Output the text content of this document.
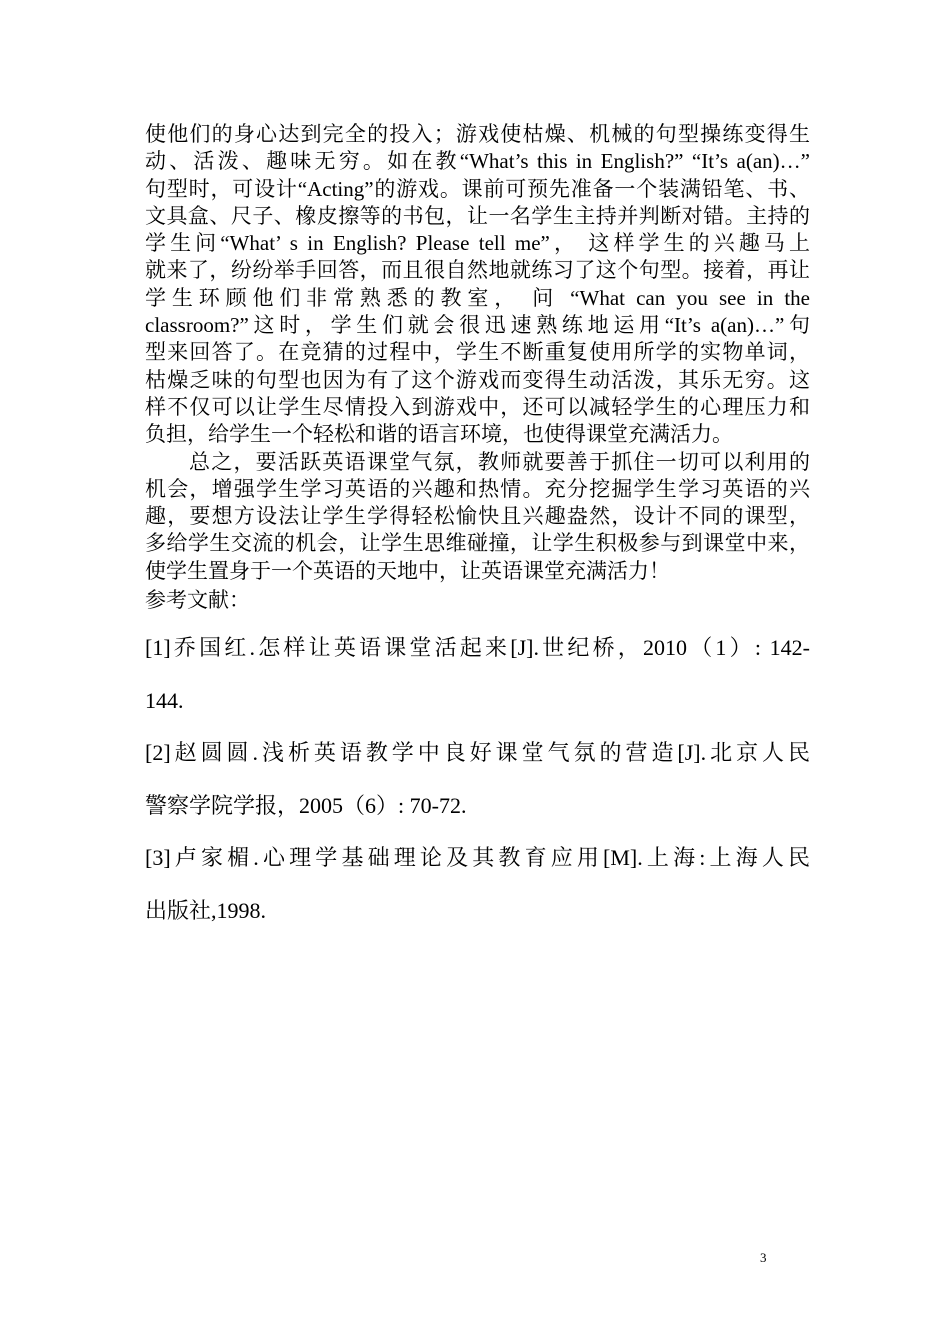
使他们的身心达到完全的投入；游戏使枯燥、机械的句型操练变得生
动、活泼、趣味无穷。如在教“What’s this in English?” “It’s a(an)…”
句型时，可设计“Acting”的游戏。课前可预先准备一个装满铅笔、书、
文具盒、尺子、橡皮擦等的书包，让一名学生主持并判断对错。主持的
学生问“What’ s in English? Please tell me”， 这样学生的兴趣马上
就来了，纷纷举手回答，而且很自然地就练习了这个句型。接着，再让
学生环顾他们非常熟悉的教室， 问 “What can you see in the
classroom?”这时，学生们就会很迅速熟练地运用“It’s a(an)…”句
型来回答了。在竞猜的过程中，学生不断重复使用所学的实物单词，
枯燥乏味的句型也因为有了这个游戏而变得生动活泼，其乐无穷。这
样不仅可以让学生尽情投入到游戏中，还可以减轻学生的心理压力和
负担，给学生一个轻松和谐的语言环境，也使得课堂充满活力。
总之，要活跃英语课堂气氛，教师就要善于抓住一切可以利用的
机会，增强学生学习英语的兴趣和热情。充分挖掘学生学习英语的兴
趣，要想方设法让学生学得轻松愉快且兴趣盎然，设计不同的课型，
多给学生交流的机会，让学生思维碰撞，让学生积极参与到课堂中来，
使学生置身于一个英语的天地中，让英语课堂充满活力！
参考文献：
[1]乔国红.怎样让英语课堂活起来[J].世纪桥，2010（1）: 142-
144.
[2]赵圆圆.浅析英语教学中良好课堂气氛的营造[J].北京人民
警察学院学报，2005（6）: 70-72.
[3]卢家楣.心理学基础理论及其教育应用[M].上海:上海人民
出版社,1998.
3
